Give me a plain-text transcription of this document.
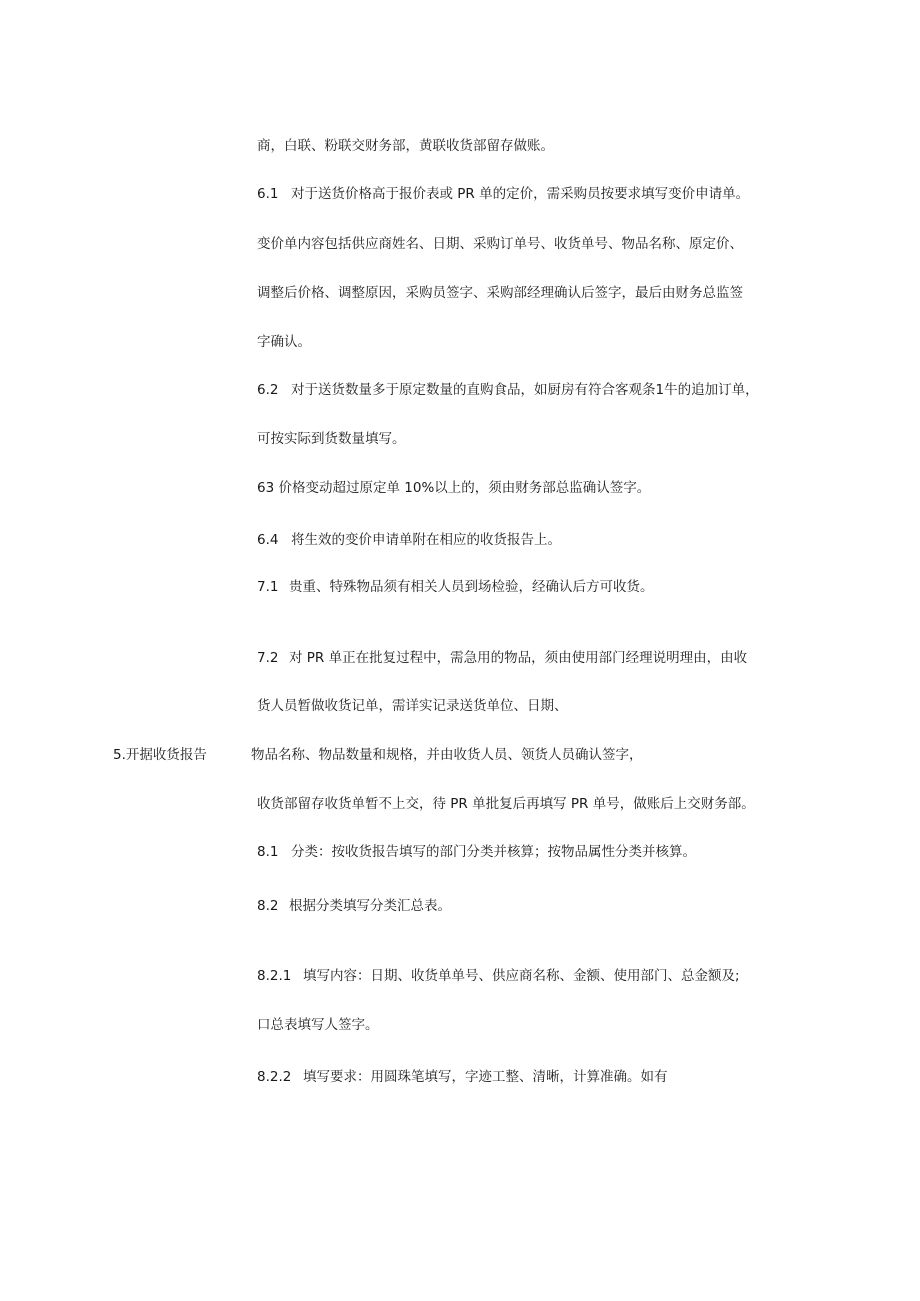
商，白联、粉联交财务部，黄联收货部留存做账。
6.1 对于送货价格高于报价表或 PR 单的定价，需采购员按要求填写变价申请单。
变价单内容包括供应商姓名、日期、采购订单号、收货单号、物品名称、原定价、
调整后价格、调整原因，采购员签字、采购部经理确认后签字，最后由财务总监签
字确认。
6.2 对于送货数量多于原定数量的直购食品，如厨房有符合客观条1牛的追加订单，
可按实际到货数量填写。
63 价格变动超过原定单 10%以上的，须由财务部总监确认签字。
6.4 将生效的变价申请单附在相应的收货报告上。
7.1 贵重、特殊物品须有相关人员到场检验，经确认后方可收货。
7.2 对 PR 单正在批复过程中，需急用的物品，须由使用部门经理说明理由，由收
货人员暂做收货记单，需详实记录送货单位、日期、
5.开据收货报告	物品名称、物品数量和规格，并由收货人员、领货人员确认签字，
收货部留存收货单暂不上交，待 PR 单批复后再填写 PR 单号，做账后上交财务部。
8.1 分类：按收货报告填写的部门分类并核算；按物品属性分类并核算。
8.2 根据分类填写分类汇总表。
8.2.1 填写内容：日期、收货单单号、供应商名称、金额、使用部门、总金额及;
口总表填写人签字。
8.2.2 填写要求：用圆珠笔填写，字迹工整、清晰，计算准确。如有
